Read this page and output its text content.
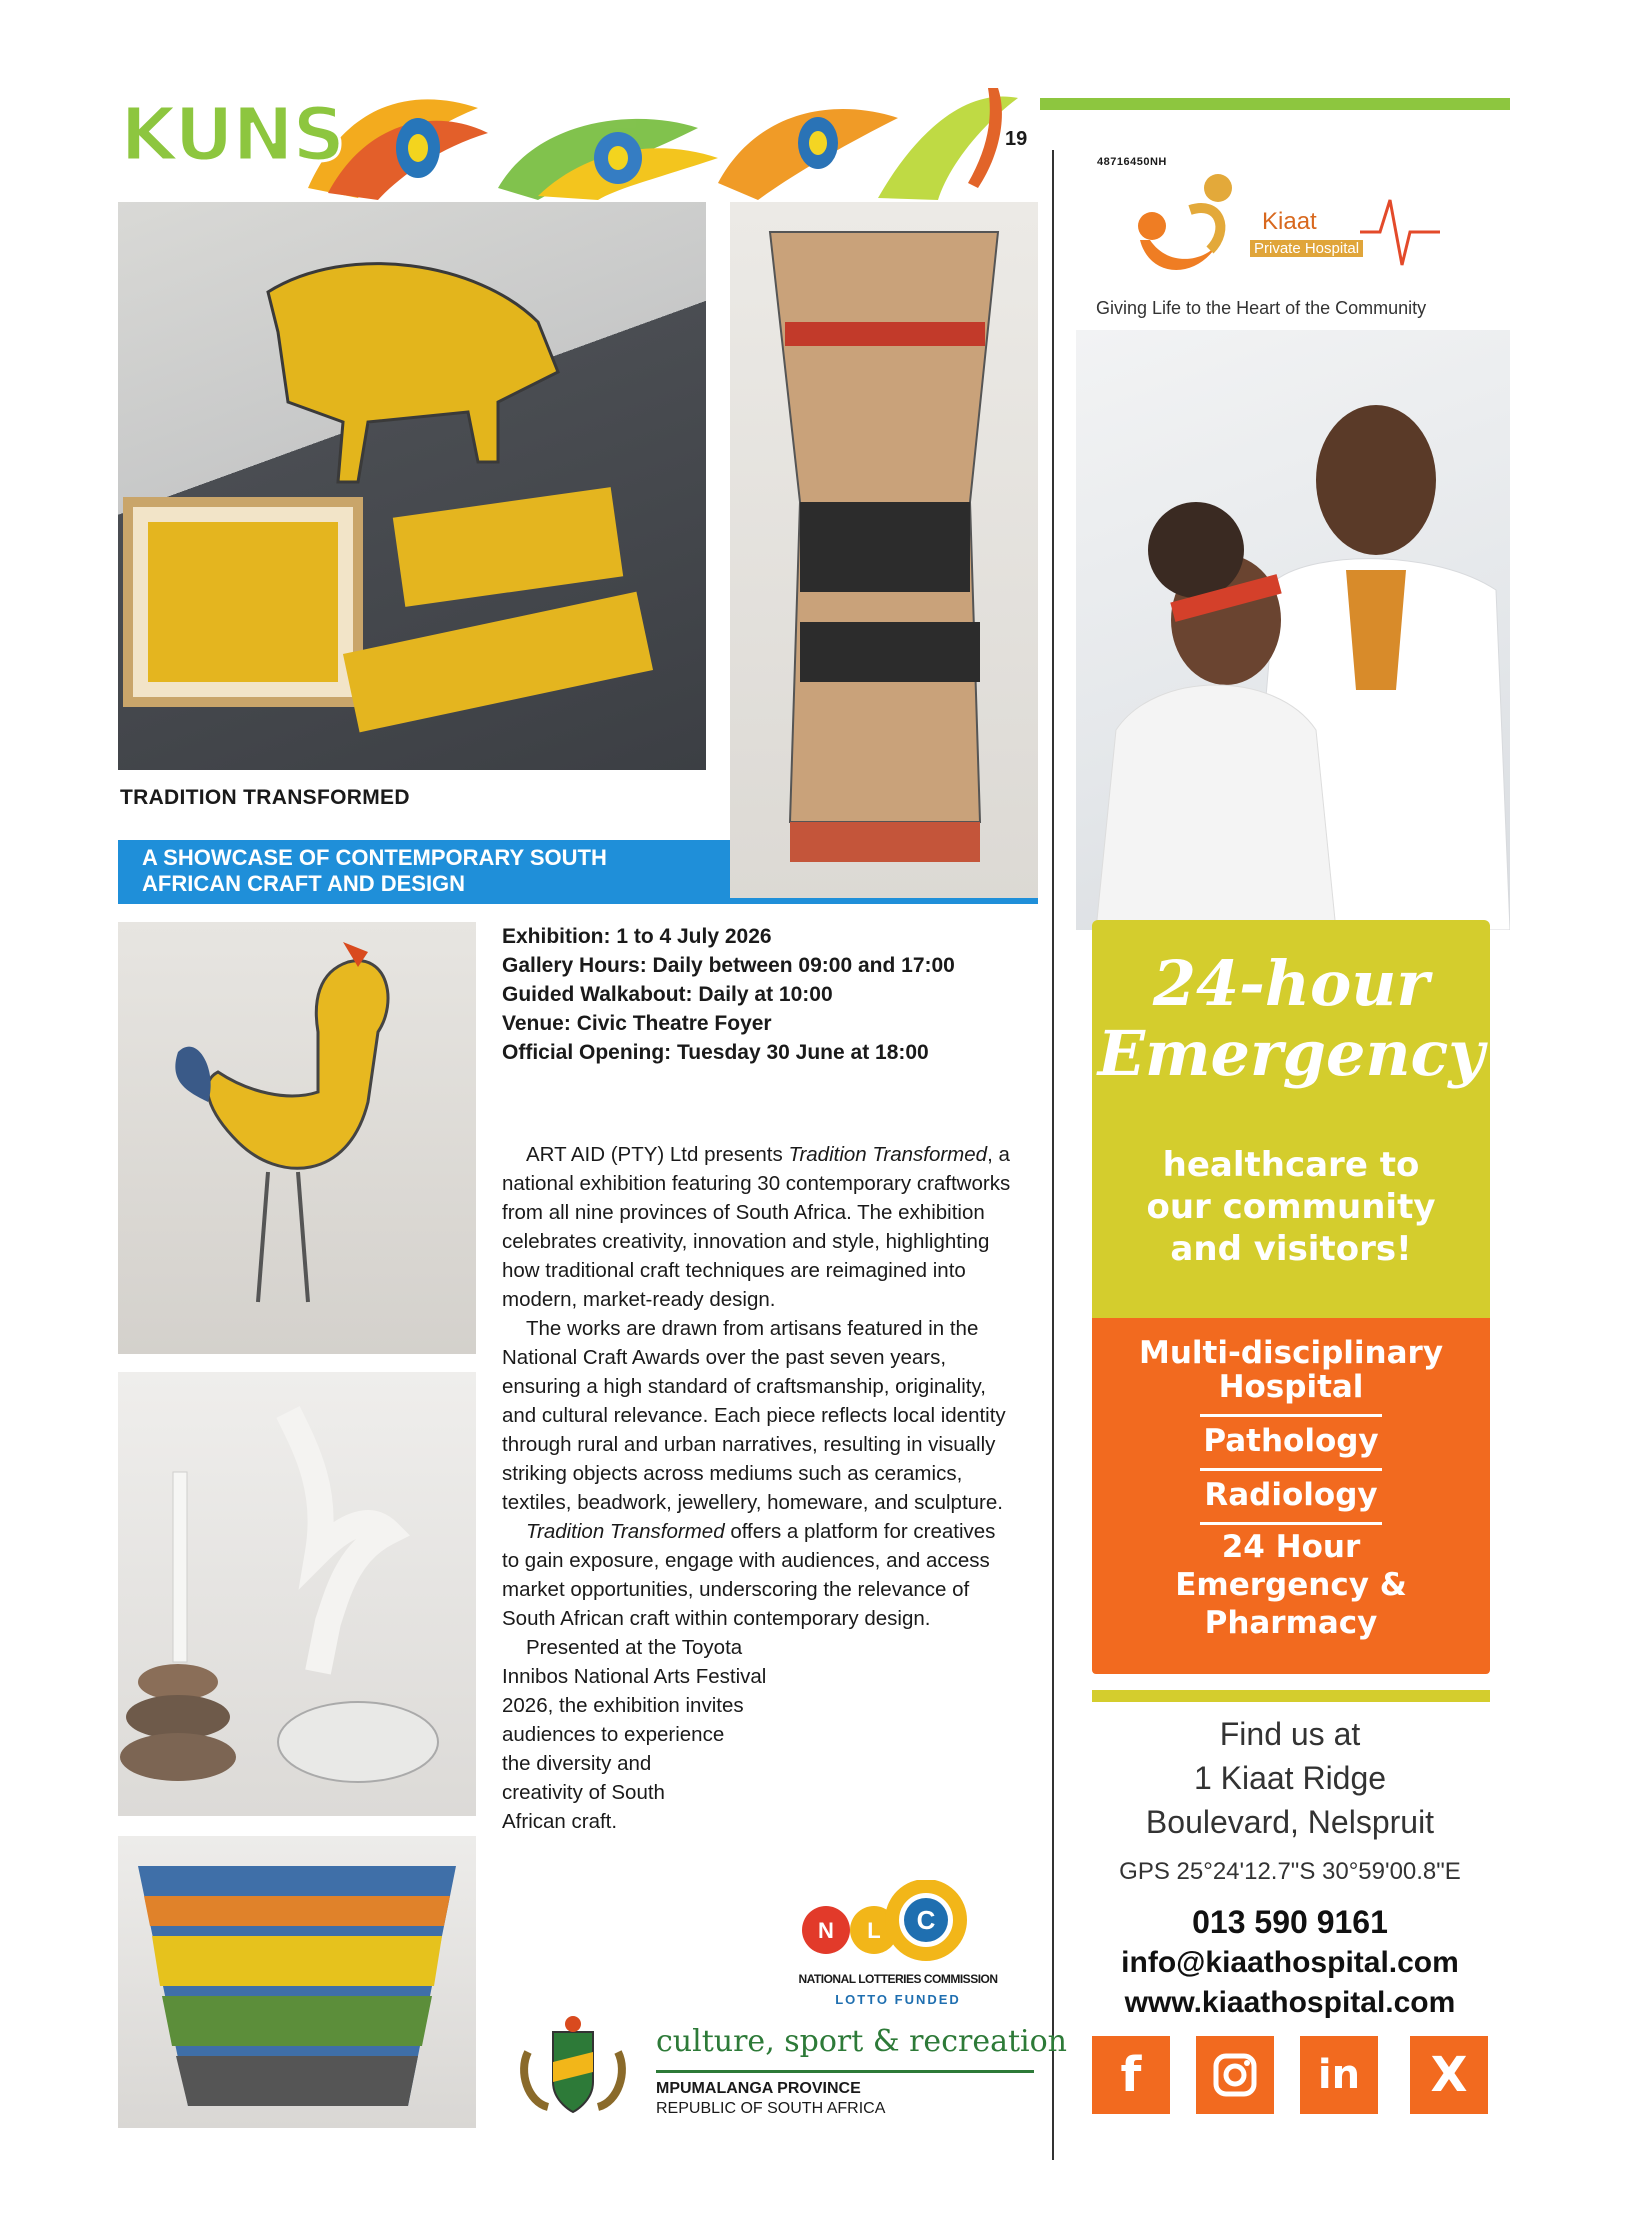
KUNS	19
48716450NH
TRADITION TRANSFORMED
A SHOWCASE OF CONTEMPORARY SOUTH
AFRICAN CRAFT AND DESIGN

Exhibition: 1 to 4 July 2026

Gallery Hours: Daily between 09:00 and 17:00

Guided Walkabout: Daily at 10:00

Venue: Civic Theatre Foyer

Official Opening: Tuesday 30 June at 18:00

ART AID (PTY) Ltd presents Tradition Transformed, a national exhibition featuring 30 contemporary craftworks from all nine provinces of South Africa. The exhibition celebrates creativity, innovation and style, highlighting how traditional craft techniques are reimagined into modern, market-ready design.

The works are drawn from artisans featured in the National Craft Awards over the past seven years, ensuring a high standard of craftsmanship, originality, and cultural relevance. Each piece reflects local identity through rural and urban narratives, resulting in visually striking objects across mediums such as ceramics, textiles, beadwork, jewellery, homeware, and sculpture.

Tradition Transformed offers a platform for creatives to gain exposure, engage with audiences, and access market opportunities, underscoring the relevance of South African craft within contemporary design.

Presented at the Toyota Innibos National Arts Festival 2026, the exhibition invites audiences to experience

the diversity and creativity of South African craft.

N L C
NATIONAL LOTTERIES COMMISSION
LOTTO FUNDED
culture, sport & recreation
MPUMALANGA PROVINCE
REPUBLIC OF SOUTH AFRICA
Kiaat
Private Hospital
Giving Life to the Heart of the Community
24-hour
Emergency
healthcare to
our community
and visitors!
Multi-disciplinary
Hospital
Pathology
Radiology
24 Hour
Emergency &
Pharmacy
Find us at
1 Kiaat Ridge
Boulevard, Nelspruit
GPS 25°24'12.7"S 30°59'00.8"E
013 590 9161
info@kiaathospital.com
www.kiaathospital.com
f	in	X
